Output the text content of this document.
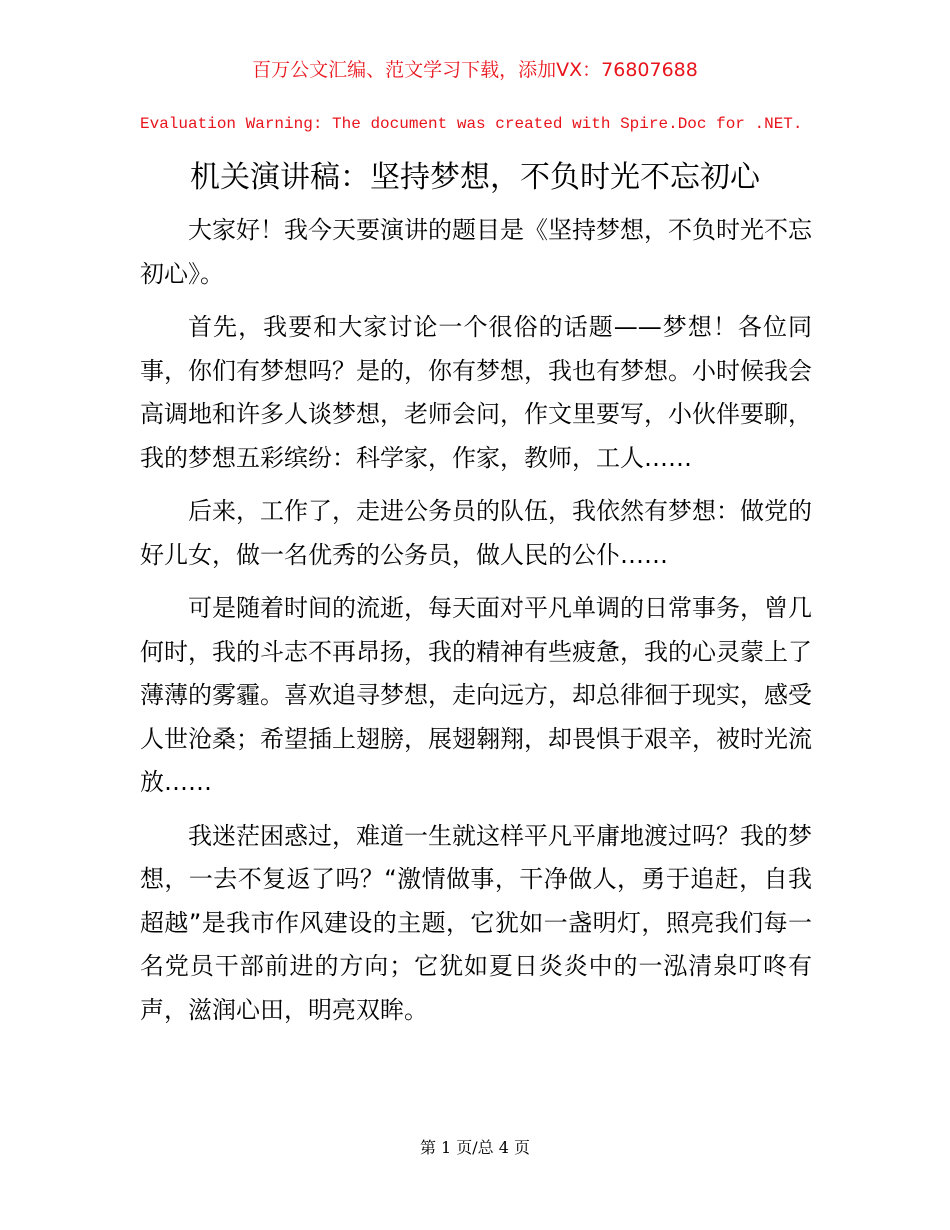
百万公文汇编、范文学习下载，添加VX：76807688
Evaluation Warning: The document was created with Spire.Doc for .NET.
机关演讲稿：坚持梦想，不负时光不忘初心

大家好！我今天要演讲的题目是《坚持梦想，不负时光不忘初心》。

首先，我要和大家讨论一个很俗的话题——梦想！各位同事，你们有梦想吗？是的，你有梦想，我也有梦想。小时候我会高调地和许多人谈梦想，老师会问，作文里要写，小伙伴要聊，我的梦想五彩缤纷：科学家，作家，教师，工人……

后来，工作了，走进公务员的队伍，我依然有梦想：做党的好儿女，做一名优秀的公务员，做人民的公仆……

可是随着时间的流逝，每天面对平凡单调的日常事务，曾几何时，我的斗志不再昂扬，我的精神有些疲惫，我的心灵蒙上了薄薄的雾霾。喜欢追寻梦想，走向远方，却总徘徊于现实，感受人世沧桑；希望插上翅膀，展翅翱翔，却畏惧于艰辛，被时光流放……

我迷茫困惑过，难道一生就这样平凡平庸地渡过吗？我的梦想，一去不复返了吗？“激情做事，干净做人，勇于追赶，自我超越”是我市作风建设的主题，它犹如一盏明灯，照亮我们每一名党员干部前进的方向；它犹如夏日炎炎中的一泓清泉叮咚有声，滋润心田，明亮双眸。

第 1 页/总 4 页
